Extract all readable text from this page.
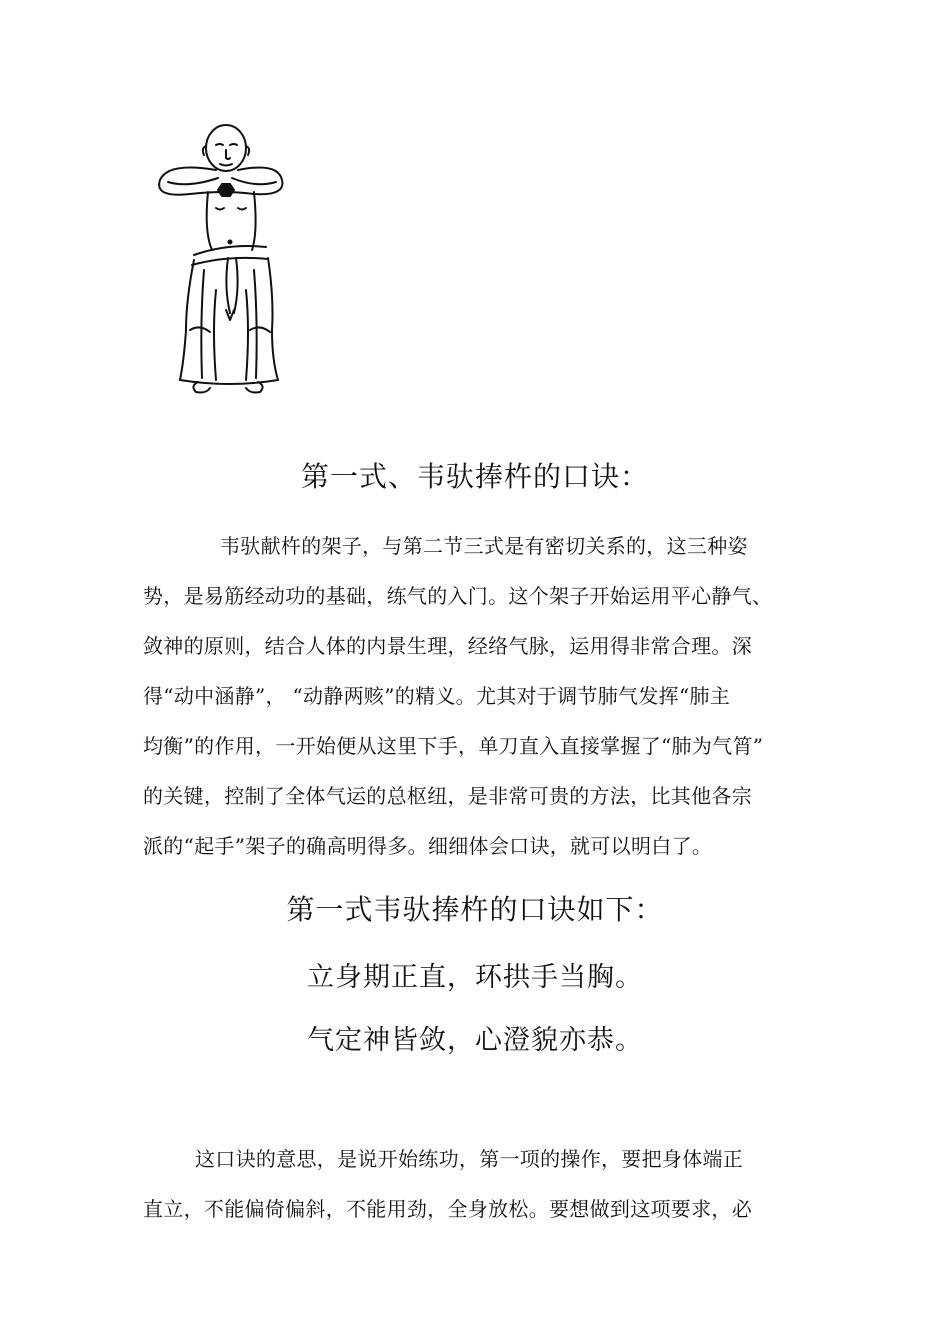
第一式、韦驮捧杵的口诀：
韦驮献杵的架子，与第二节三式是有密切关系的，这三种姿
势，是易筋经动功的基础，练气的入门。这个架子开始运用平心静气、
敛神的原则，结合人体的内景生理，经络气脉，运用得非常合理。深
得“动中涵静”， “动静两赅”的精义。尤其对于调节肺气发挥“肺主
均衡”的作用，一开始便从这里下手，单刀直入直接掌握了“肺为气筲”
的关键，控制了全体气运的总枢纽，是非常可贵的方法，比其他各宗
派的“起手”架子的确高明得多。细细体会口诀，就可以明白了。
第一式韦驮捧杵的口诀如下：
立身期正直，环拱手当胸。
气定神皆敛，心澄貌亦恭。
这口诀的意思，是说开始练功，第一项的操作，要把身体端正
直立，不能偏倚偏斜，不能用劲，全身放松。要想做到这项要求，必
